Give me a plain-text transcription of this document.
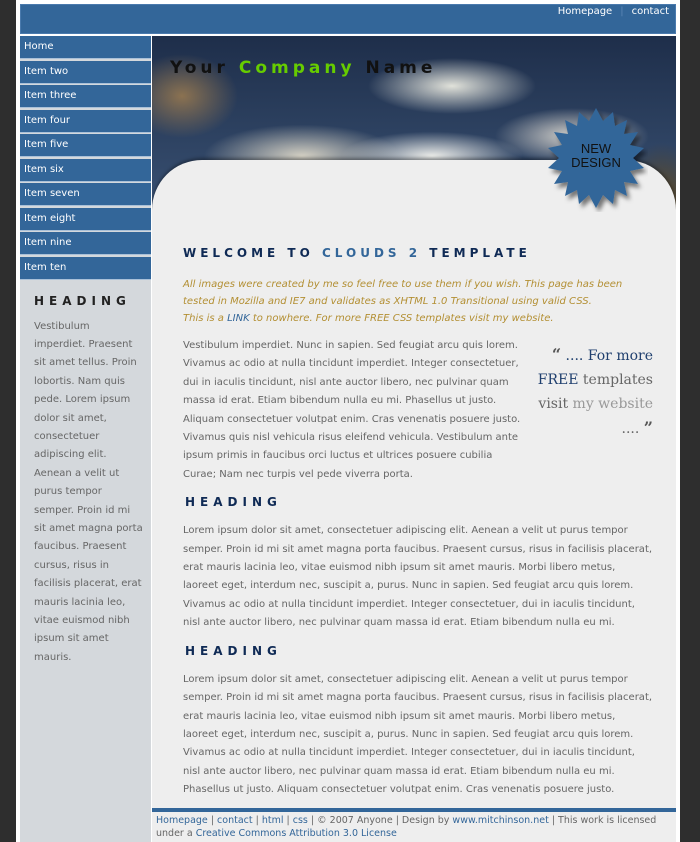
Homepage | contact
Home
Item two
Item three
Item four
Item five
Item six
Item seven
Item eight
Item nine
Item ten
HEADING

Vestibulum imperdiet. Praesent sit amet tellus. Proin lobortis. Nam quis pede. Lorem ipsum dolor sit amet, consectetuer adipiscing elit. Aenean a velit ut purus tempor semper. Proin id mi sit amet magna porta faucibus. Praesent cursus, risus in facilisis placerat, erat mauris lacinia leo, vitae euismod nibh ipsum sit amet mauris.

Your Company Name
NEW
DESIGN
WELCOME TO CLOUDS 2 TEMPLATE

All images were created by me so feel free to use them if you wish. This page has been tested in Mozilla and IE7 and validates as XHTML 1.0 Transitional using valid CSS.
This is a LINK to nowhere. For more FREE CSS templates visit my website.

Vestibulum imperdiet. Nunc in sapien. Sed feugiat arcu quis lorem. Vivamus ac odio at nulla tincidunt imperdiet. Integer consectetuer, dui in iaculis tincidunt, nisl ante auctor libero, nec pulvinar quam massa id erat. Etiam bibendum nulla eu mi. Phasellus ut justo. Aliquam consectetuer volutpat enim. Cras venenatis posuere justo. Vivamus quis nisl vehicula risus eleifend vehicula. Vestibulum ante ipsum primis in faucibus orci luctus et ultrices posuere cubilia Curae; Nam nec turpis vel pede viverra porta.

“ .... For more
FREE templates
visit my website
.... ”
HEADING

Lorem ipsum dolor sit amet, consectetuer adipiscing elit. Aenean a velit ut purus tempor semper. Proin id mi sit amet magna porta faucibus. Praesent cursus, risus in facilisis placerat, erat mauris lacinia leo, vitae euismod nibh ipsum sit amet mauris. Morbi libero metus, laoreet eget, interdum nec, suscipit a, purus. Nunc in sapien. Sed feugiat arcu quis lorem. Vivamus ac odio at nulla tincidunt imperdiet. Integer consectetuer, dui in iaculis tincidunt, nisl ante auctor libero, nec pulvinar quam massa id erat. Etiam bibendum nulla eu mi.

HEADING

Lorem ipsum dolor sit amet, consectetuer adipiscing elit. Aenean a velit ut purus tempor semper. Proin id mi sit amet magna porta faucibus. Praesent cursus, risus in facilisis placerat, erat mauris lacinia leo, vitae euismod nibh ipsum sit amet mauris. Morbi libero metus, laoreet eget, interdum nec, suscipit a, purus. Nunc in sapien. Sed feugiat arcu quis lorem. Vivamus ac odio at nulla tincidunt imperdiet. Integer consectetuer, dui in iaculis tincidunt, nisl ante auctor libero, nec pulvinar quam massa id erat. Etiam bibendum nulla eu mi. Phasellus ut justo. Aliquam consectetuer volutpat enim. Cras venenatis posuere justo.

Homepage | contact | html | css | © 2007 Anyone | Design by www.mitchinson.net | This work is licensed under a Creative Commons Attribution 3.0 License
